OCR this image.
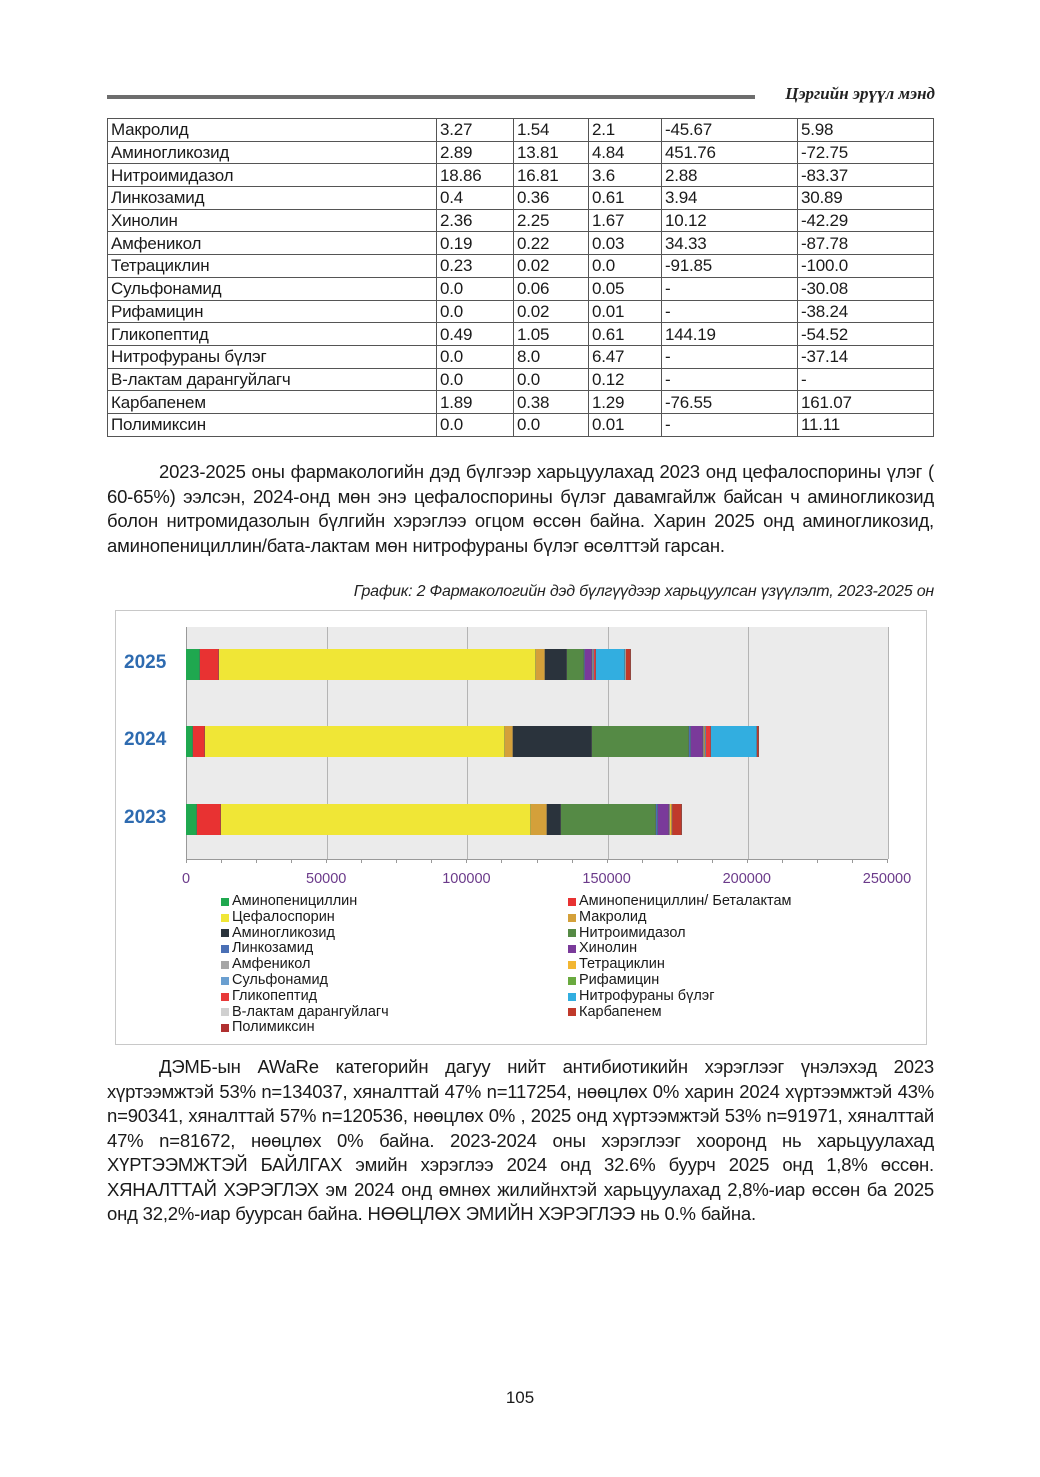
Цэргийн эрүүл мэнд
Макролид	3.27	1.54	2.1	-45.67	5.98
Аминогликозид	2.89	13.81	4.84	451.76	-72.75
Нитроимидазол	18.86	16.81	3.6	2.88	-83.37
Линкозамид	0.4	0.36	0.61	3.94	30.89
Хинолин	2.36	2.25	1.67	10.12	-42.29
Амфеникол	0.19	0.22	0.03	34.33	-87.78
Тетрациклин	0.23	0.02	0.0	-91.85	-100.0
Сульфонамид	0.0	0.06	0.05	-	-30.08
Рифамицин	0.0	0.02	0.01	-	-38.24
Гликопептид	0.49	1.05	0.61	144.19	-54.52
Нитрофураны бүлэг	0.0	8.0	6.47	-	-37.14
В-лактам дарангуйлагч	0.0	0.0	0.12	-	-
Карбапенем	1.89	0.38	1.29	-76.55	161.07
Полимиксин	0.0	0.0	0.01	-	11.11
2023-2025 оны фармакологийн дэд бүлгээр харьцуулахад 2023 онд цефалоспорины үлэг ( 60-65%) ээлсэн, 2024-онд мөн энэ цефалоспорины бүлэг давамгайлж байсан ч аминогликозид болон нитромидазолын бүлгийн хэрэглээ огцом өссөн байна. Харин 2025 онд аминогликозид, аминопенициллин/бата-лактам мөн нитрофураны бүлэг өсөлттэй гарсан.
График: 2 Фармакологийн дэд бүлгүүдээр харьцуулсан үзүүлэлт, 2023-2025 он
0	50000	100000	150000	200000	250000
2025
2024
2023
Аминопенициллин
Цефалоспорин
Аминогликозид
Линкозамид
Амфеникол
Сульфонамид
Гликопептид
В-лактам дарангуйлагч
Полимиксин
Аминопенициллин/ Беталактам
Макролид
Нитроимидазол
Хинолин
Тетрациклин
Рифамицин
Нитрофураны бүлэг
Карбапенем
ДЭМБ-ын AWaRe категорийн дагуу нийт антибиотикийн хэрэглээг үнэлэхэд 2023 хүртээмжтэй 53% n=134037, хяналттай 47% n=117254, нөөцлөх 0% харин 2024 хүртээмжтэй 43% n=90341, хяналттай 57% n=120536, нөөцлөх 0% , 2025 онд хүртээмжтэй 53% n=91971, хяналттай 47% n=81672, нөөцлөх 0% байна. 2023-2024 оны хэрэглээг хооронд нь харьцуулахад ХҮРТЭЭМЖТЭЙ БАЙЛГАХ эмийн хэрэглээ 2024 онд 32.6% буурч 2025 онд 1,8% өссөн. ХЯНАЛТТАЙ ХЭРЭГЛЭХ эм 2024 онд өмнөх жилийнхтэй харьцуулахад 2,8%-иар өссөн ба 2025 онд 32,2%-иар буурсан байна. НӨӨЦЛӨХ ЭМИЙН ХЭРЭГЛЭЭ нь 0.% байна.
105
